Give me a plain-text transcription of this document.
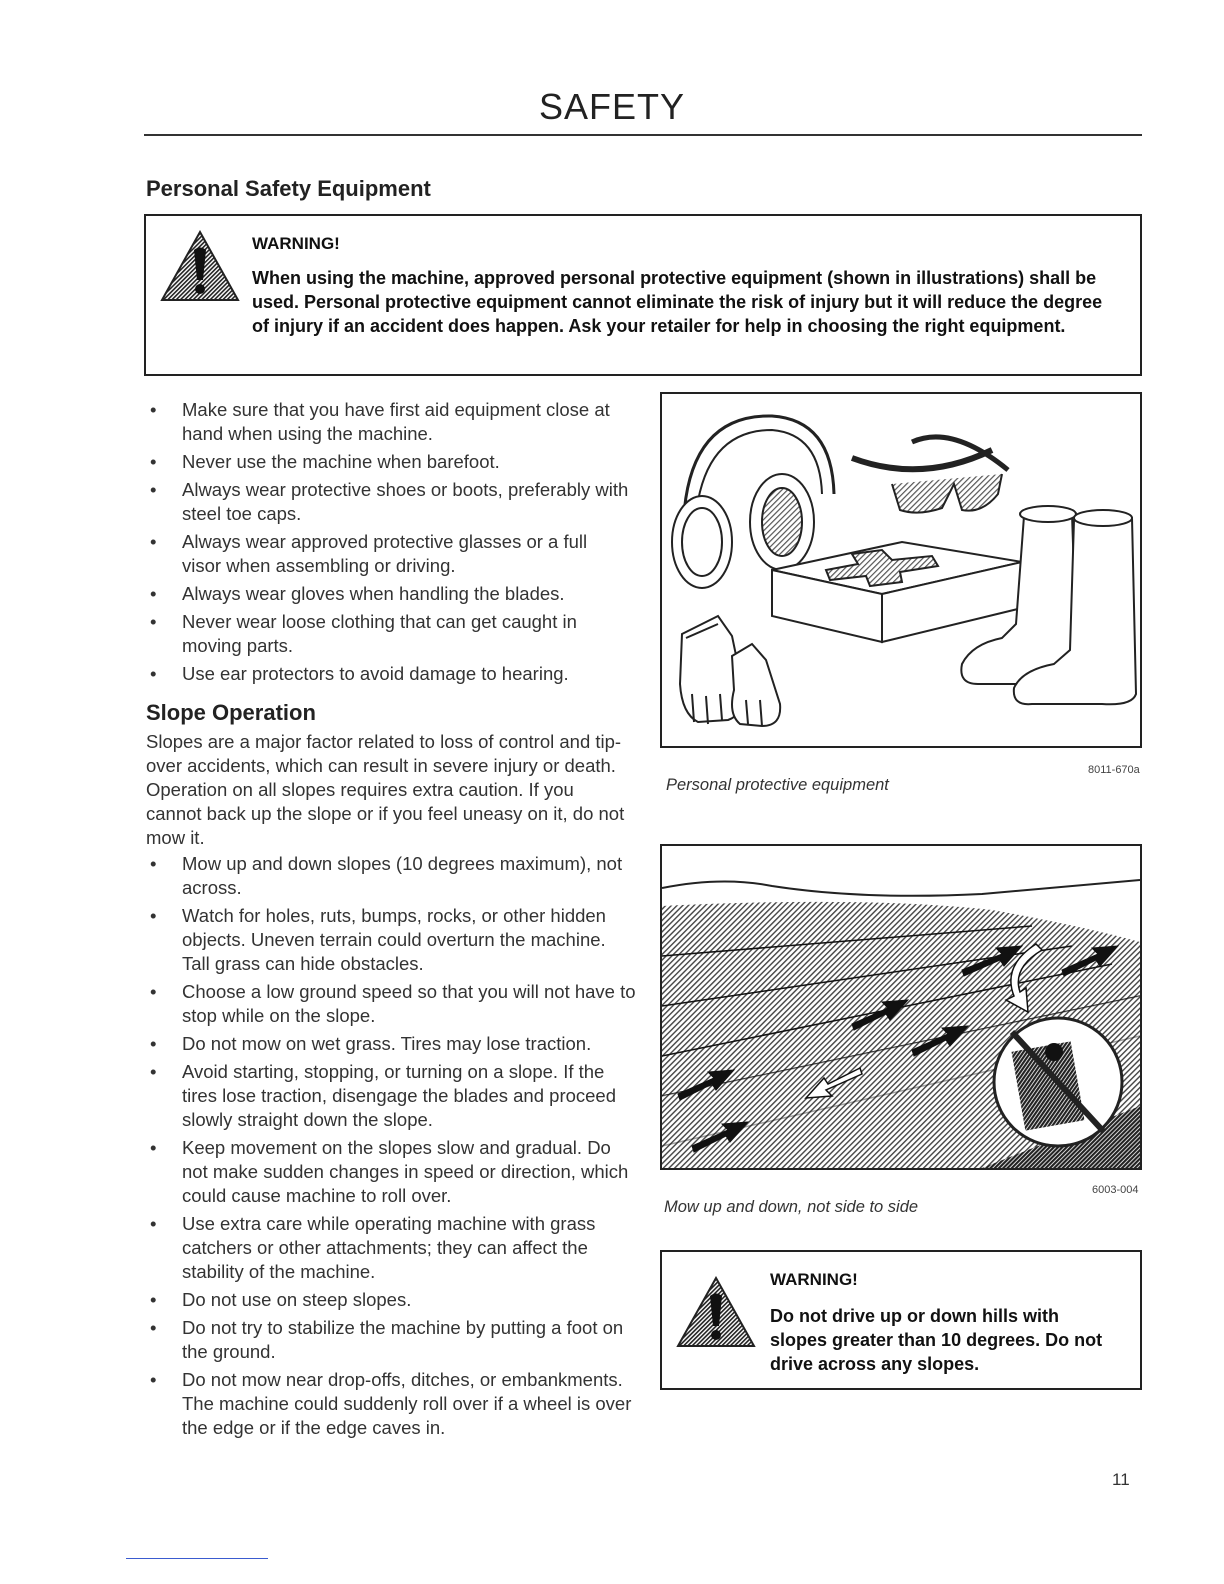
SAFETY
Personal Safety Equipment
WARNING!
When using the machine, approved personal protective equipment (shown in illustrations) shall be used. Personal protective equipment cannot eliminate the risk of injury but it will reduce the degree of injury if an accident does happen. Ask your retailer for help in choosing the right equipment.
• Make sure that you have first aid equipment close at hand when using the machine.
• Never use the machine when barefoot.
• Always wear protective shoes or boots, preferably with steel toe caps.
• Always wear approved protective glasses or a full visor when assembling or driving.
• Always wear gloves when handling the blades.
• Never wear loose clothing that can get caught in moving parts.
• Use ear protectors to avoid damage to hearing.
Personal protective equipment
8011-670a
Slope Operation

Slopes are a major factor related to loss of control and tip-over accidents, which can result in severe injury or death. Operation on all slopes requires extra caution. If you cannot back up the slope or if you feel uneasy on it, do not mow it.

• Mow up and down slopes (10 degrees maximum), not across.
• Watch for holes, ruts, bumps, rocks, or other hidden objects. Uneven terrain could overturn the machine. Tall grass can hide obstacles.
• Choose a low ground speed so that you will not have to stop while on the slope.
• Do not mow on wet grass. Tires may lose traction.
• Avoid starting, stopping, or turning on a slope. If the tires lose traction, disengage the blades and proceed slowly straight down the slope.
• Keep movement on the slopes slow and gradual. Do not make sudden changes in speed or direction, which could cause machine to roll over.
• Use extra care while operating machine with grass catchers or other attachments; they can affect the stability of the machine.
• Do not use on steep slopes.
• Do not try to stabilize the machine by putting a foot on the ground.
• Do not mow near drop-offs, ditches, or embankments. The machine could suddenly roll over if a wheel is over the edge or if the edge caves in.
Mow up and down, not side to side
6003-004
WARNING!
Do not drive up or down hills with slopes greater than 10 degrees. Do not drive across any slopes.
11
